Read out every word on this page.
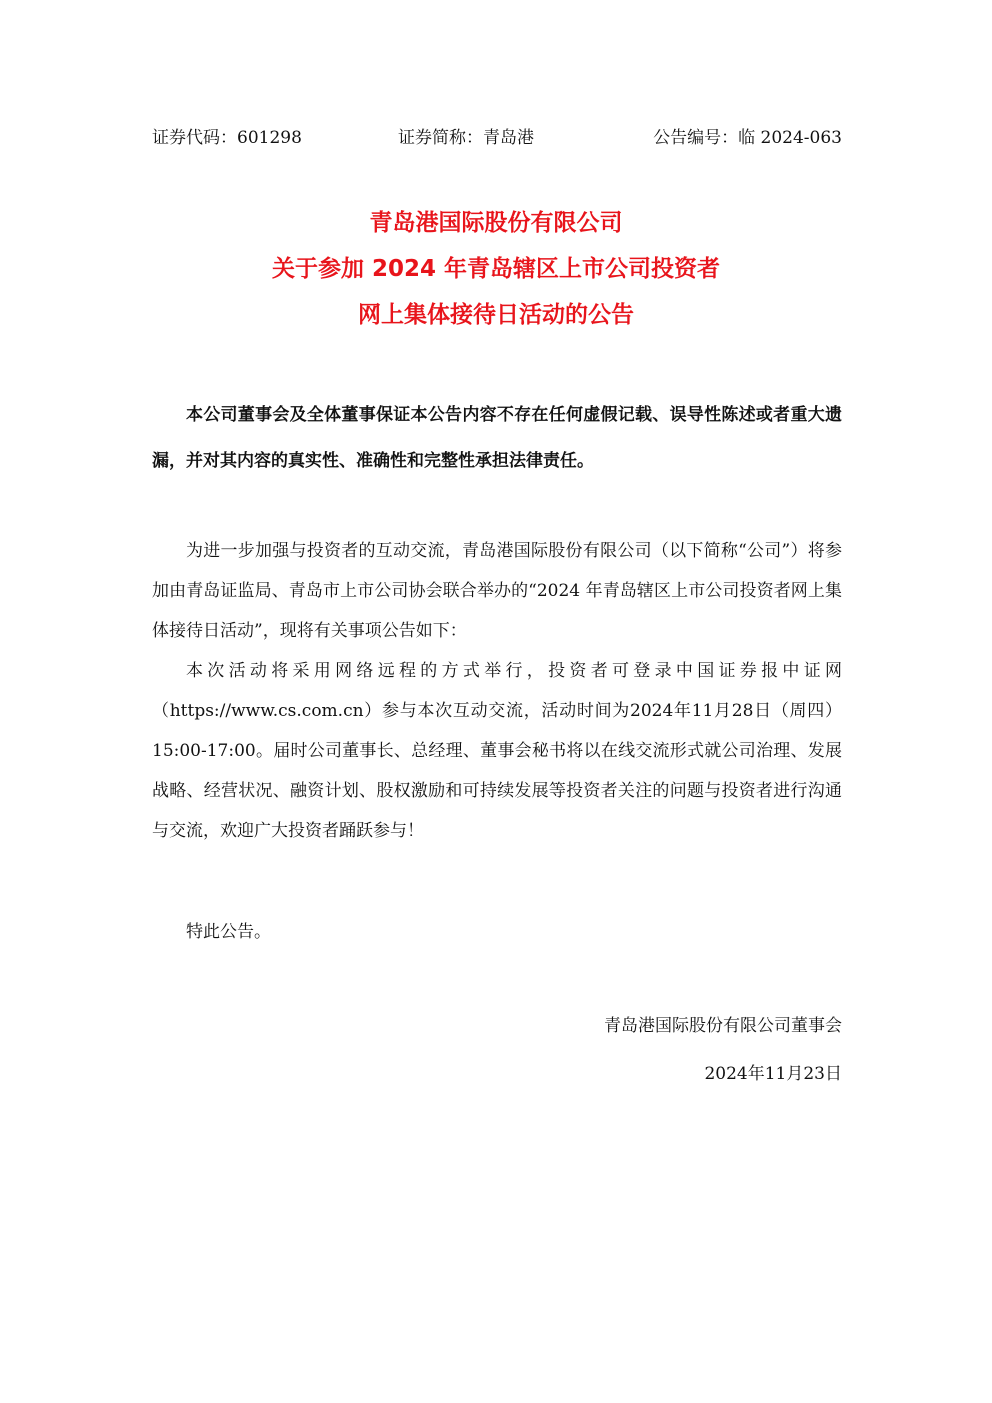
证券代码：601298	证券简称：青岛港	公告编号：临 2024-063
青岛港国际股份有限公司
关于参加 2024 年青岛辖区上市公司投资者
网上集体接待日活动的公告

本公司董事会及全体董事保证本公告内容不存在任何虚假记载、误导性陈述或者重大遗漏，并对其内容的真实性、准确性和完整性承担法律责任。

为进一步加强与投资者的互动交流，青岛港国际股份有限公司（以下简称“公司”）将参加由青岛证监局、青岛市上市公司协会联合举办的“2024 年青岛辖区上市公司投资者网上集体接待日活动”，现将有关事项公告如下：

本次活动将采用网络远程的方式举行，投资者可登录中国证券报中证网（https://www.cs.com.cn）参与本次互动交流，活动时间为2024年11月28日（周四）15:00-17:00。届时公司董事长、总经理、董事会秘书将以在线交流形式就公司治理、发展战略、经营状况、融资计划、股权激励和可持续发展等投资者关注的问题与投资者进行沟通与交流，欢迎广大投资者踊跃参与！

特此公告。

青岛港国际股份有限公司董事会
2024年11月23日
